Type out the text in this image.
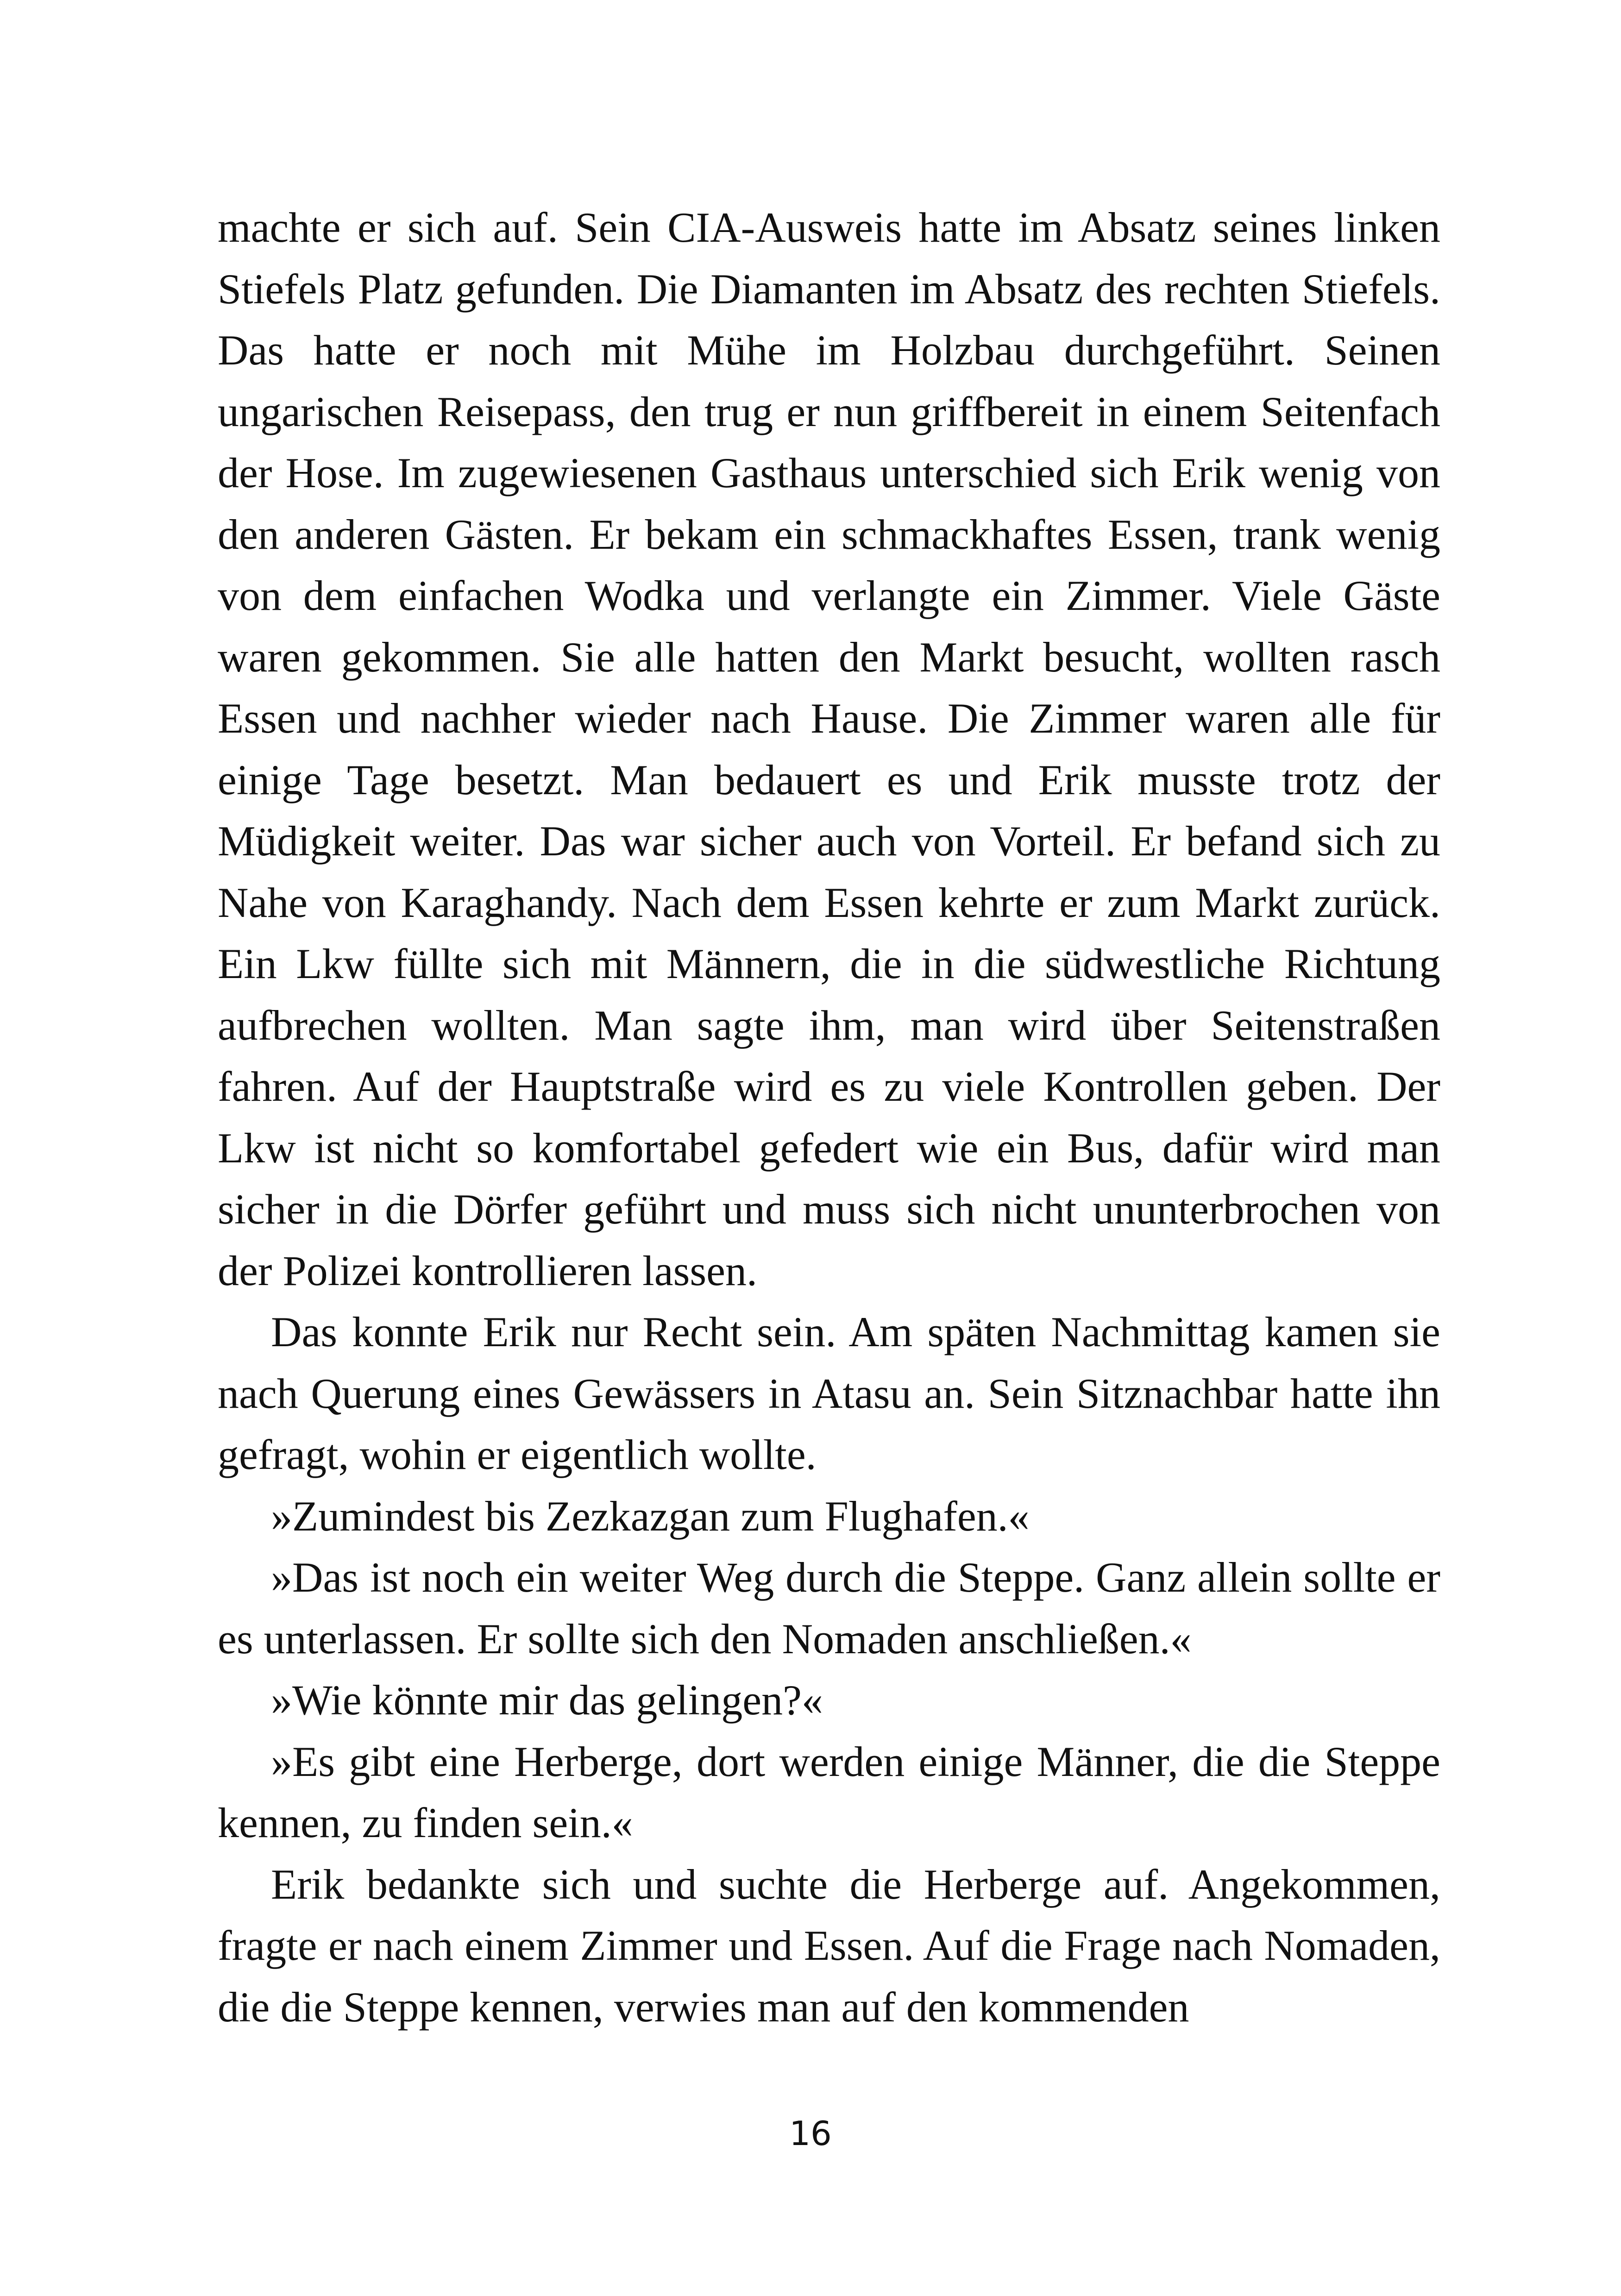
machte er sich auf. Sein CIA-Ausweis hatte im Absatz seines linken Stiefels Platz gefunden. Die Diamanten im Absatz des rechten Stiefels. Das hatte er noch mit Mühe im Holzbau durchgeführt. Seinen ungarischen Reisepass, den trug er nun griffbereit in einem Seitenfach der Hose. Im zugewiesenen Gasthaus unterschied sich Erik wenig von den anderen Gästen. Er bekam ein schmackhaftes Essen, trank wenig von dem einfachen Wodka und verlangte ein Zimmer. Viele Gäste waren gekommen. Sie alle hatten den Markt besucht, wollten rasch Essen und nachher wieder nach Hause. Die Zimmer waren alle für einige Tage besetzt. Man bedauert es und Erik musste trotz der Müdigkeit weiter. Das war sicher auch von Vorteil. Er befand sich zu Nahe von Karaghandy. Nach dem Essen kehrte er zum Markt zurück. Ein Lkw füllte sich mit Männern, die in die südwestliche Richtung aufbrechen wollten. Man sagte ihm, man wird über Seitenstraßen fahren. Auf der Hauptstraße wird es zu viele Kontrollen geben. Der Lkw ist nicht so komfortabel gefedert wie ein Bus, dafür wird man sicher in die Dörfer geführt und muss sich nicht ununterbrochen von der Polizei kontrollieren lassen.

Das konnte Erik nur Recht sein. Am späten Nachmittag kamen sie nach Querung eines Gewässers in Atasu an. Sein Sitznachbar hatte ihn gefragt, wohin er eigentlich wollte.

»Zumindest bis Zezkazgan zum Flughafen.«

»Das ist noch ein weiter Weg durch die Steppe. Ganz allein sollte er es unterlassen. Er sollte sich den Nomaden anschließen.«

»Wie könnte mir das gelingen?«

»Es gibt eine Herberge, dort werden einige Männer, die die Steppe kennen, zu finden sein.«

Erik bedankte sich und suchte die Herberge auf. Angekommen, fragte er nach einem Zimmer und Essen. Auf die Frage nach Nomaden, die die Steppe kennen, verwies man auf den kommenden

16
